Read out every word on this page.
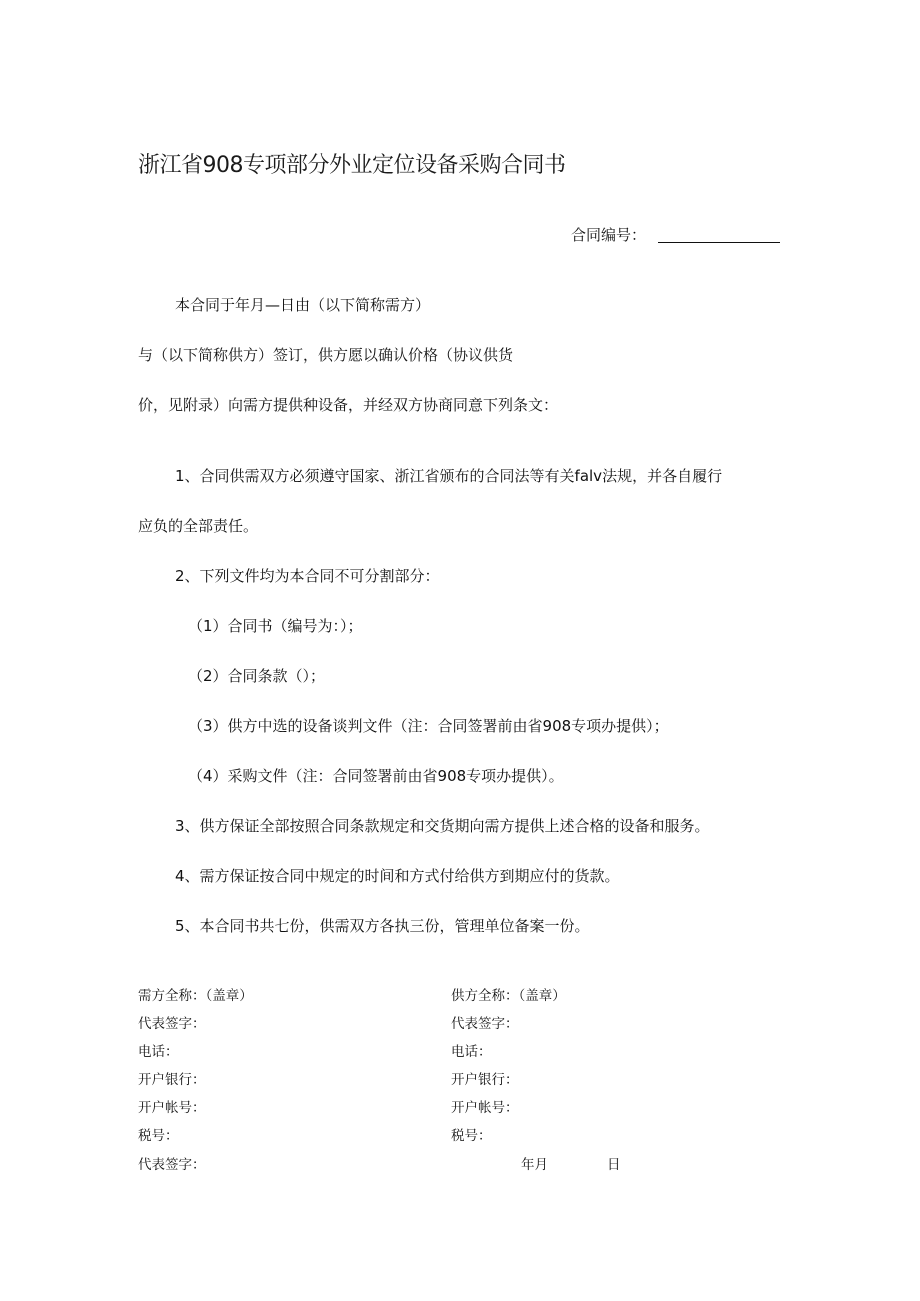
浙江省908专项部分外业定位设备采购合同书
合同编号：
本合同于年月—日由（以下简称需方）
与（以下简称供方）签订，供方愿以确认价格（协议供货
价，见附录）向需方提供种设备，并经双方协商同意下列条文：
1、合同供需双方必须遵守国家、浙江省颁布的合同法等有关falv法规，并各自履行
应负的全部责任。
2、下列文件均为本合同不可分割部分：
（1）合同书（编号为：）；
（2）合同条款（）；
（3）供方中选的设备谈判文件（注：合同签署前由省908专项办提供）；
（4）采购文件（注：合同签署前由省908专项办提供）。
3、供方保证全部按照合同条款规定和交货期向需方提供上述合格的设备和服务。
4、需方保证按合同中规定的时间和方式付给供方到期应付的货款。
5、本合同书共七份，供需双方各执三份，管理单位备案一份。
需方全称：（盖章）
代表签字：
电话：
开户银行：
开户帐号：
税号：
代表签字：
供方全称：（盖章）
代表签字：
电话：
开户银行：
开户帐号：
税号：
年月	日
